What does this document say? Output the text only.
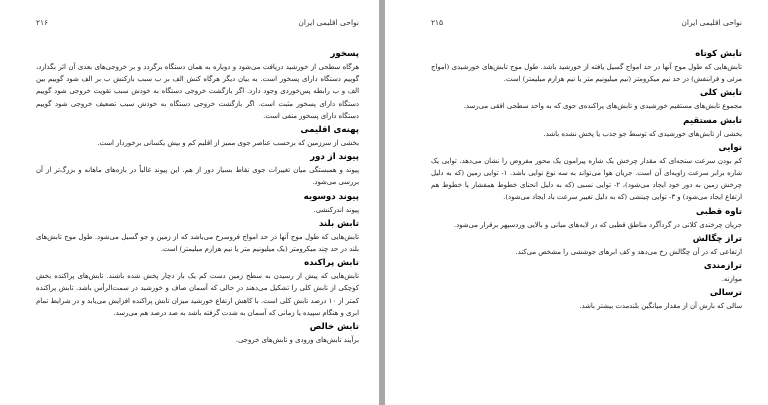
نواحی اقلیمی ایران
۲۱۶
پسخور
هرگاه سطحی از خورشید دریافت می‌شود و دوباره به همان دستگاه برگردد و بر خروجی‌های بعدی آن اثر بگذارد، گوییم دستگاه دارای پسخور است. به بیان دیگر هرگاه کنش الف بر ب سبب بازکنش ب بر الف شود گوییم بین الف و ب رابطه پس‌خوردی وجود دارد. اگر بازگشت خروجی دستگاه به خودش سبب تقویت خروجی شود گوییم دستگاه دارای پسخور مثبت است. اگر بازگشت خروجی دستگاه به خودش سبب تضعیف خروجی شود گوییم دستگاه دارای پسخور منفی است.
پهنه‌ی اقلیمی
بخشی از سرزمین که برحسب عناصر جوی ممیز از اقلیم کم و بیش یکسانی برخوردار است.
پیوند از دور
پیوند و همبستگی میان تغییرات جوی نقاط بسیار دور از هم. این پیوند غالباً در بازه‌های ماهانه و بزرگ‌تر از آن بررسی می‌شود.
پیوند دوسویه
پیوند اندرکنشی.
تابش بلند
تابش‌هایی که طول موج آنها در حد امواج فروسرخ می‌باشد که از زمین و جو گسیل می‌شود. طول موج تابش‌های بلند در حد چند میکرومتر (یک میلیونیم متر یا نیم هزارم میلیمتر) است.
تابش پراکنده
تابش‌هایی که پیش از رسیدن به سطح زمین دست کم یک بار دچار پخش شده باشند. تابش‌های پراکنده بخش کوچکی از تابش کلی را تشکیل می‌دهند در حالی که آسمان صاف و خورشید در سمت‌الرأس باشد. تابش پراکنده کمتر از ۱۰ درصد تابش کلی است. با کاهش ارتفاع خورشید میزان تابش پراکنده افزایش می‌یابد و در شرایط تمام ابری و هنگام سپیده یا زمانی که آسمان به شدت گرفته باشد به صد درصد هم می‌رسد.
تابش خالص
برآیند تابش‌های ورودی و تابش‌های خروجی.
نواحی اقلیمی ایران
۲۱۵
تابش کوتاه
تابش‌هایی که طول موج آنها در حد امواج گسیل یافته از خورشید باشد. طول موج تابش‌های خورشیدی (امواج مرئی و فرابنفش) در حد نیم میکرومتر (نیم میلیونیم متر یا نیم هزارم میلیمتر) است.
تابش کلی
مجموع تابش‌های مستقیم خورشیدی و تابش‌های پراکنده‌ی جوی که به واحد سطحی افقی می‌رسد.
تابش مستقیم
بخشی از تابش‌های خورشیدی که توسط جو جذب یا پخش نشده باشد.
توایی
کم بودن سرعت سنجه‌ای که مقدار چرخش یک شاره پیرامون یک محور مفروض را نشان می‌دهد. توایی یک شاره برابر سرعت زاویه‌ای آن است. جریان هوا می‌تواند به سه نوع توایی باشد. ۱- توایی زمین (که به دلیل چرخش زمین به دور خود ایجاد می‌شود)، ۲- توایی نسبی (که به دلیل انحنای خطوط همفشار یا خطوط هم ارتفاع ایجاد می‌شود) و ۳- توایی چینشی (که به دلیل تغییر سرعت باد ایجاد می‌شود).
تاوه قطبی
جریان چرخندی کلانی در گردآگرد مناطق قطبی که در لایه‌های میانی و بالایی وردسپهر برقرار می‌شود.
تراز چگالش
ارتفاعی که در آن چگالش رخ می‌دهد و کف ابرهای جوششی را مشخص می‌کند.
ترازمندی
موازنه.
ترسالی
سالی که بارش آن از مقدار میانگین بلندمدت بیشتر باشد.
